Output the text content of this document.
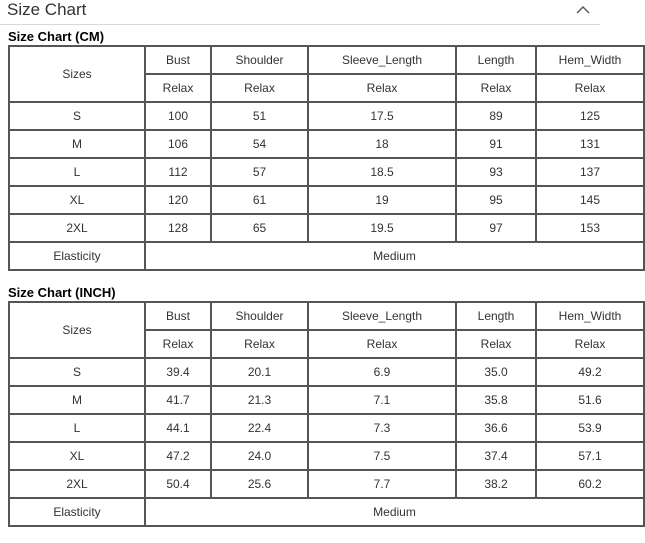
Size Chart
Size Chart (CM)
Sizes	Bust	Shoulder	Sleeve_Length	Length	Hem_Width
	Relax	Relax	Relax	Relax	Relax
S	100	51	17.5	89	125
M	106	54	18	91	131
L	112	57	18.5	93	137
XL	120	61	19	95	145
2XL	128	65	19.5	97	153
Elasticity	Medium				
Size Chart (INCH)
Sizes	Bust	Shoulder	Sleeve_Length	Length	Hem_Width
	Relax	Relax	Relax	Relax	Relax
S	39.4	20.1	6.9	35.0	49.2
M	41.7	21.3	7.1	35.8	51.6
L	44.1	22.4	7.3	36.6	53.9
XL	47.2	24.0	7.5	37.4	57.1
2XL	50.4	25.6	7.7	38.2	60.2
Elasticity	Medium				
